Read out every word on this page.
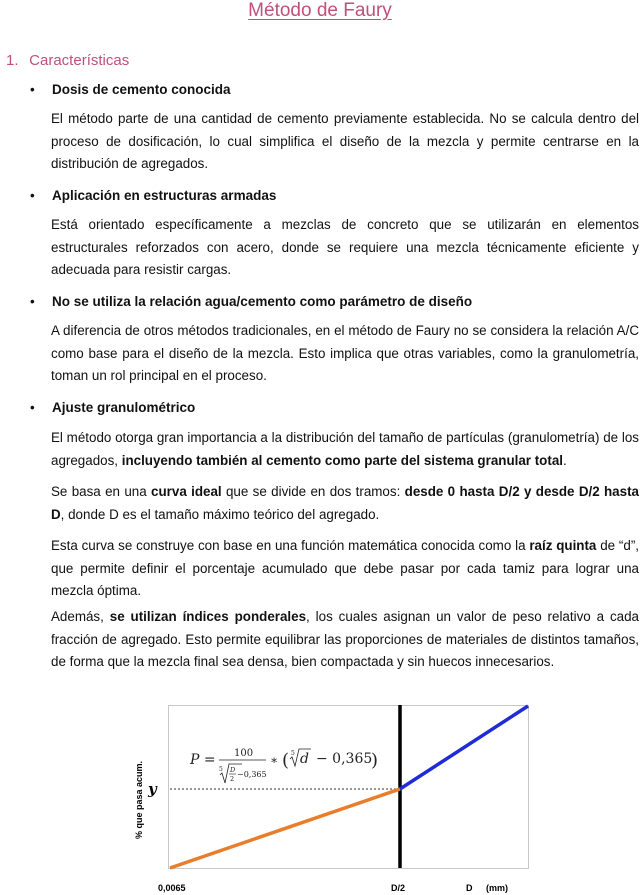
Método de Faury
1. Características
• Dosis de cemento conocida
El método parte de una cantidad de cemento previamente establecida. No se calcula dentro del proceso de dosificación, lo cual simplifica el diseño de la mezcla y permite centrarse en la distribución de agregados.
• Aplicación en estructuras armadas
Está orientado específicamente a mezclas de concreto que se utilizarán en elementos estructurales reforzados con acero, donde se requiere una mezcla técnicamente eficiente y adecuada para resistir cargas.
• No se utiliza la relación agua/cemento como parámetro de diseño
A diferencia de otros métodos tradicionales, en el método de Faury no se considera la relación A/C como base para el diseño de la mezcla. Esto implica que otras variables, como la granulometría, toman un rol principal en el proceso.
• Ajuste granulométrico
El método otorga gran importancia a la distribución del tamaño de partículas (granulometría) de los agregados, incluyendo también al cemento como parte del sistema granular total.
Se basa en una curva ideal que se divide en dos tramos: desde 0 hasta D/2 y desde D/2 hasta D, donde D es el tamaño máximo teórico del agregado.
Esta curva se construye con base en una función matemática conocida como la raíz quinta de “d”, que permite definir el porcentaje acumulado que debe pasar por cada tamiz para lograr una mezcla óptima.
Además, se utilizan índices ponderales, los cuales asignan un valor de peso relativo a cada fracción de agregado. Esto permite equilibrar las proporciones de materiales de distintos tamaños, de forma que la mezcla final sea densa, bien compactada y sin huecos innecesarios.
% que pasa acum. y
P = 100
5 D
2 −0,365
∗ ( 5 d − 0,365
)
0,0065	D/2	D (mm)
